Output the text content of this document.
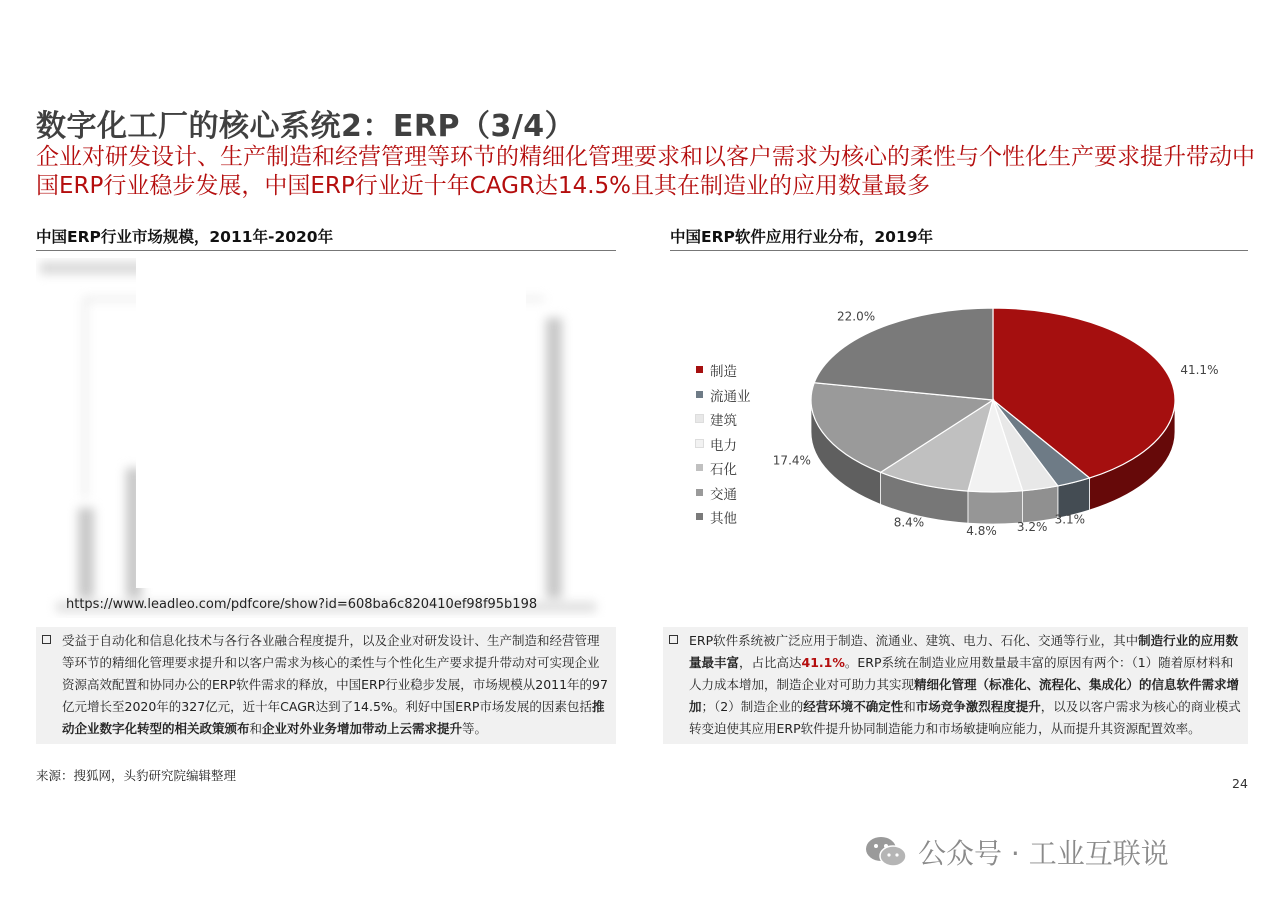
数字化工厂的核心系统2：ERP（3/4）
企业对研发设计、生产制造和经营管理等环节的精细化管理要求和以客户需求为核心的柔性与个性化生产要求提升带动中国ERP行业稳步发展，中国ERP行业近十年CAGR达14.5%且其在制造业的应用数量最多
中国ERP行业市场规模，2011年-2020年
https://www.leadleo.com/pdfcore/show?id=608ba6c820410ef98f95b198
受益于自动化和信息化技术与各行各业融合程度提升，以及企业对研发设计、生产制造和经营管理等环节的精细化管理要求提升和以客户需求为核心的柔性与个性化生产要求提升带动对可实现企业资源高效配置和协同办公的ERP软件需求的释放，中国ERP行业稳步发展，市场规模从2011年的97亿元增长至2020年的327亿元，近十年CAGR达到了14.5%。利好中国ERP市场发展的因素包括推动企业数字化转型的相关政策颁布和企业对外业务增加带动上云需求提升等。
中国ERP软件应用行业分布，2019年
制造
流通业
建筑
电力
石化
交通
其他
41.1%
3.1%
3.2%
4.8%
8.4%
17.4%
22.0%
ERP软件系统被广泛应用于制造、流通业、建筑、电力、石化、交通等行业，其中制造行业的应用数量最丰富，占比高达41.1%。ERP系统在制造业应用数量最丰富的原因有两个：（1）随着原材料和人力成本增加，制造企业对可助力其实现精细化管理（标准化、流程化、集成化）的信息软件需求增加；（2）制造企业的经营环境不确定性和市场竞争激烈程度提升，以及以客户需求为核心的商业模式转变迫使其应用ERP软件提升协同制造能力和市场敏捷响应能力，从而提升其资源配置效率。
来源：搜狐网，头豹研究院编辑整理
24
公众号 · 工业互联说
